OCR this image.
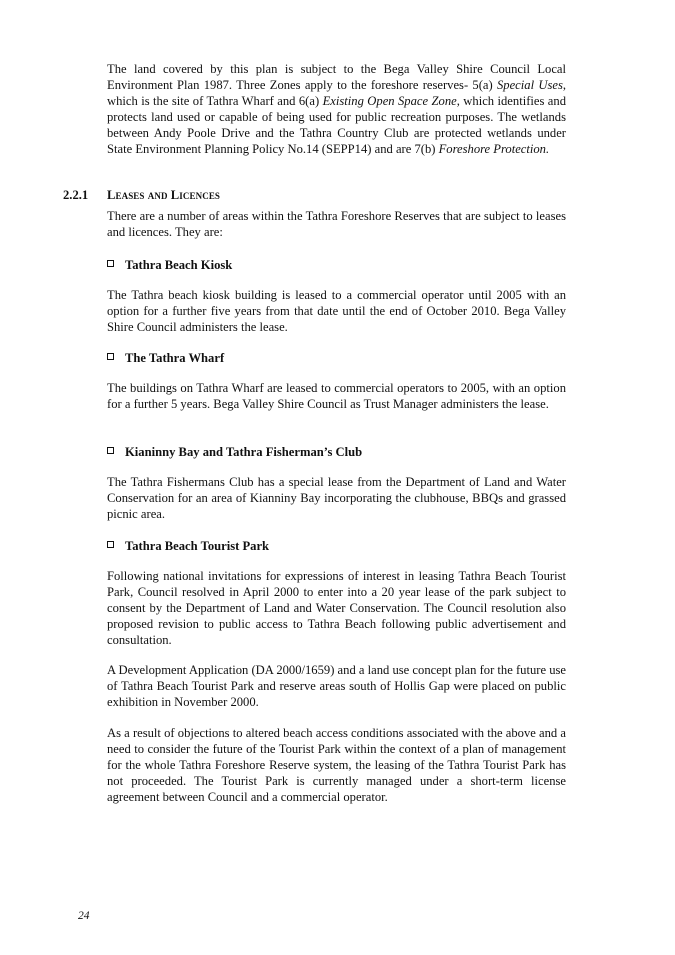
The land covered by this plan is subject to the Bega Valley Shire Council Local Environment Plan 1987. Three Zones apply to the foreshore reserves- 5(a) Special Uses, which is the site of Tathra Wharf and 6(a) Existing Open Space Zone, which identifies and protects land used or capable of being used for public recreation purposes. The wetlands between Andy Poole Drive and the Tathra Country Club are protected wetlands under State Environment Planning Policy No.14 (SEPP14) and are 7(b) Foreshore Protection.

2.2.1 Leases and Licences

There are a number of areas within the Tathra Foreshore Reserves that are subject to leases and licences. They are:

Tathra Beach Kiosk

The Tathra beach kiosk building is leased to a commercial operator until 2005 with an option for a further five years from that date until the end of October 2010. Bega Valley Shire Council administers the lease.

The Tathra Wharf

The buildings on Tathra Wharf are leased to commercial operators to 2005, with an option for a further 5 years. Bega Valley Shire Council as Trust Manager administers the lease.

Kianinny Bay and Tathra Fisherman’s Club

The Tathra Fishermans Club has a special lease from the Department of Land and Water Conservation for an area of Kianniny Bay incorporating the clubhouse, BBQs and grassed picnic area.

Tathra Beach Tourist Park

Following national invitations for expressions of interest in leasing Tathra Beach Tourist Park, Council resolved in April 2000 to enter into a 20 year lease of the park subject to consent by the Department of Land and Water Conservation. The Council resolution also proposed revision to public access to Tathra Beach following public advertisement and consultation.

A Development Application (DA 2000/1659) and a land use concept plan for the future use of Tathra Beach Tourist Park and reserve areas south of Hollis Gap were placed on public exhibition in November 2000.

As a result of objections to altered beach access conditions associated with the above and a need to consider the future of the Tourist Park within the context of a plan of management for the whole Tathra Foreshore Reserve system, the leasing of the Tathra Tourist Park has not proceeded. The Tourist Park is currently managed under a short-term license agreement between Council and a commercial operator.

24
